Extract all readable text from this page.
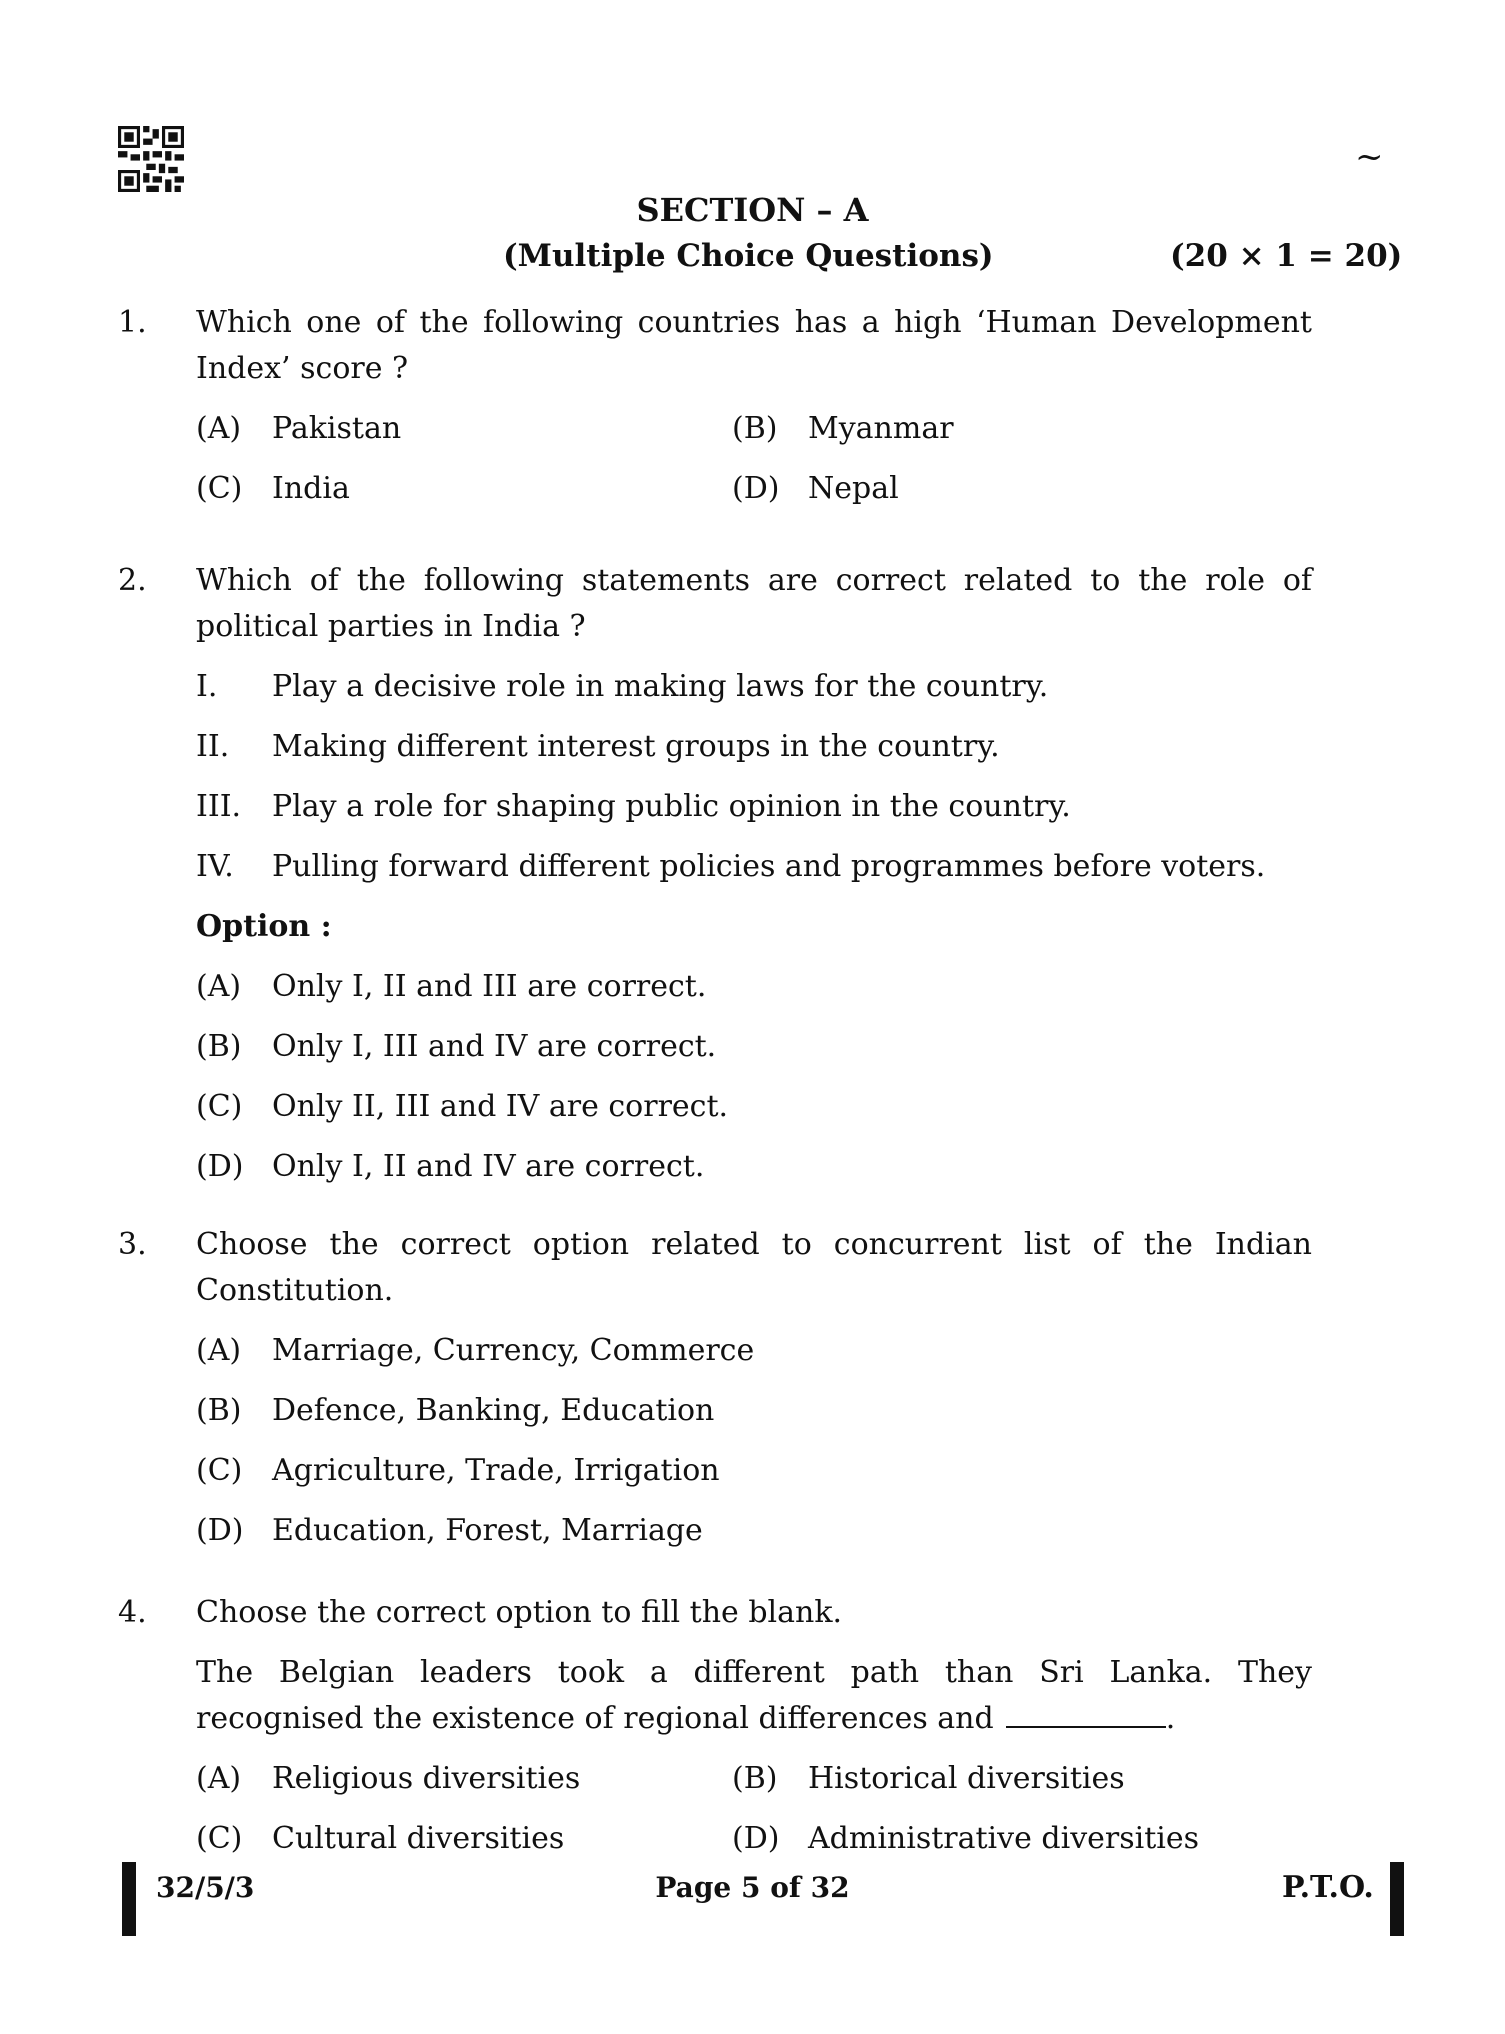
~
SECTION – A
(Multiple Choice Questions)	(20 × 1 = 20)
1. Which one of the following countries has a high ‘Human Development Index’ score ?
(A) Pakistan	(B) Myanmar
(C) India	(D) Nepal
2. Which of the following statements are correct related to the role of political parties in India ?
I. Play a decisive role in making laws for the country.
II. Making different interest groups in the country.
III. Play a role for shaping public opinion in the country.
IV. Pulling forward different policies and programmes before voters.
Option :
(A) Only I, II and III are correct.
(B) Only I, III and IV are correct.
(C) Only II, III and IV are correct.
(D) Only I, II and IV are correct.
3. Choose the correct option related to concurrent list of the Indian Constitution.
(A) Marriage, Currency, Commerce
(B) Defence, Banking, Education
(C) Agriculture, Trade, Irrigation
(D) Education, Forest, Marriage
4. Choose the correct option to fill the blank.
The Belgian leaders took a different path than Sri Lanka. They recognised the existence of regional differences and	.
(A) Religious diversities	(B) Historical diversities
(C) Cultural diversities	(D) Administrative diversities
32/5/3	Page 5 of 32	P.T.O.
